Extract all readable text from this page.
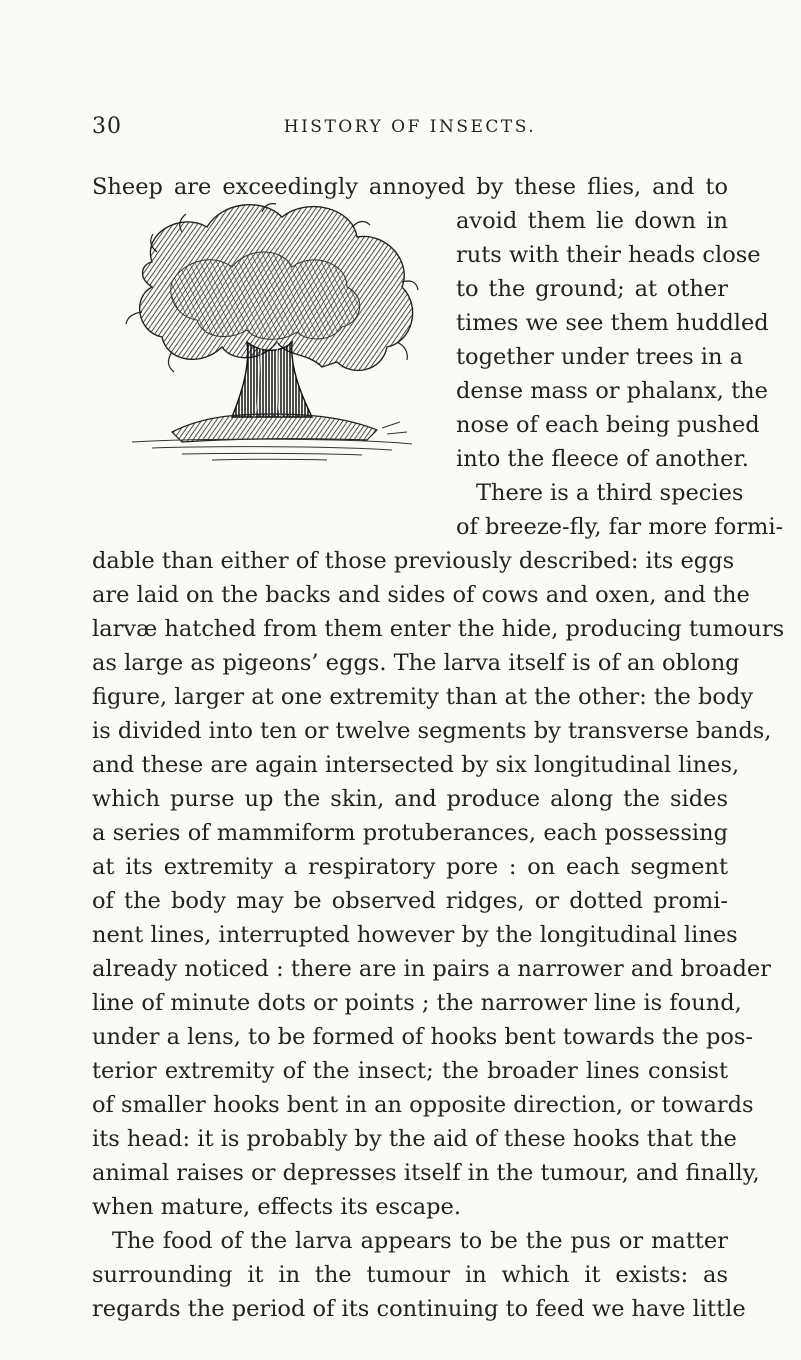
30	HISTORY OF INSECTS.
Sheep are exceedingly annoyed by these flies, and to
avoid them lie down in
ruts with their heads close
to the ground; at other
times we see them huddled
together under trees in a
dense mass or phalanx, the
nose of each being pushed
into the fleece of another.
There is a third species
of breeze-fly, far more formi-
dable than either of those previously described: its eggs
are laid on the backs and sides of cows and oxen, and the
larvæ hatched from them enter the hide, producing tumours
as large as pigeons’ eggs. The larva itself is of an oblong
figure, larger at one extremity than at the other: the body
is divided into ten or twelve segments by transverse bands,
and these are again intersected by six longitudinal lines,
which purse up the skin, and produce along the sides
a series of mammiform protuberances, each possessing
at its extremity a respiratory pore : on each segment
of the body may be observed ridges, or dotted promi-
nent lines, interrupted however by the longitudinal lines
already noticed : there are in pairs a narrower and broader
line of minute dots or points ; the narrower line is found,
under a lens, to be formed of hooks bent towards the pos-
terior extremity of the insect; the broader lines consist
of smaller hooks bent in an opposite direction, or towards
its head: it is probably by the aid of these hooks that the
animal raises or depresses itself in the tumour, and finally,
when mature, effects its escape.
The food of the larva appears to be the pus or matter
surrounding it in the tumour in which it exists: as
regards the period of its continuing to feed we have little
